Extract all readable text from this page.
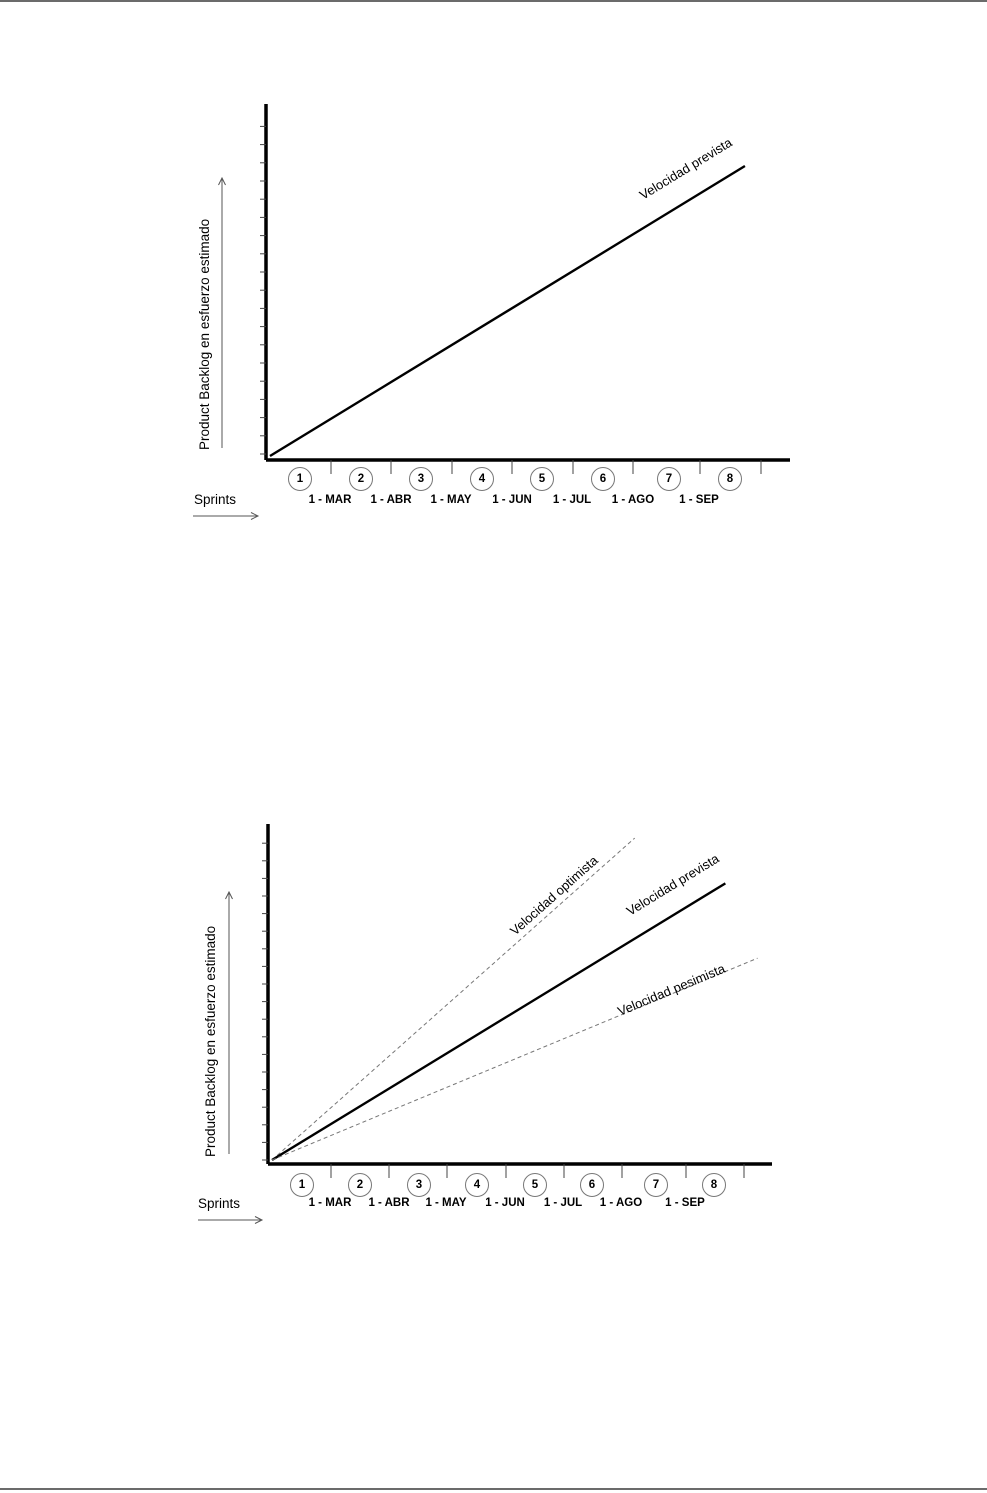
Product Backlog en esfuerzo estimado
Sprints
1	2	3	4	5	6	7	8
1 - MAR 1 - ABR 1 - MAY 1 - JUN 1 - JUL 1 - AGO 1 - SEP
Velocidad prevista
Product Backlog en esfuerzo estimado
Sprints
1	2	3	4	5	6	7	8
1 - MAR 1 - ABR 1 - MAY 1 - JUN 1 - JUL 1 - AGO 1 - SEP
Velocidad optimista Velocidad prevista
Velocidad pesimista
